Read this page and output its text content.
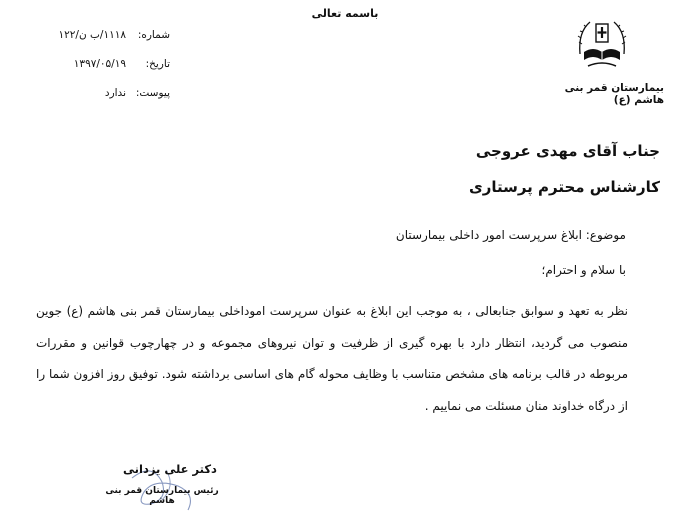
باسمه تعالی
شماره:
۱۱۱۸/ب ن/۱۲۲
تاریخ:
۱۳۹۷/۰۵/۱۹
پیوست:
ندارد	بیمارستان قمر بنی هاشم (ع)
جناب آقای مهدی عروجی
کارشناس محترم پرستاری
موضوع: ابلاغ سرپرست امور داخلی بیمارستان
با سلام و احترام؛
نظر به تعهد و سوابق جنابعالی ، به موجب این ابلاغ به عنوان سرپرست اموداخلی بیمارستان قمر بنی هاشم (ع) جوین منصوب می گردید، انتظار دارد با بهره گیری از ظرفیت و توان نیروهای مجموعه و در چهارچوب قوانین و مقررات مربوطه در قالب برنامه های مشخص متناسب با وظایف محوله گام های اساسی برداشته شود. توفیق روز افزون شما را از درگاه خداوند منان مسئلت می نماییم .
دکتر علی یزدانی
رئیس بیمارستان قمر بنی هاشم
